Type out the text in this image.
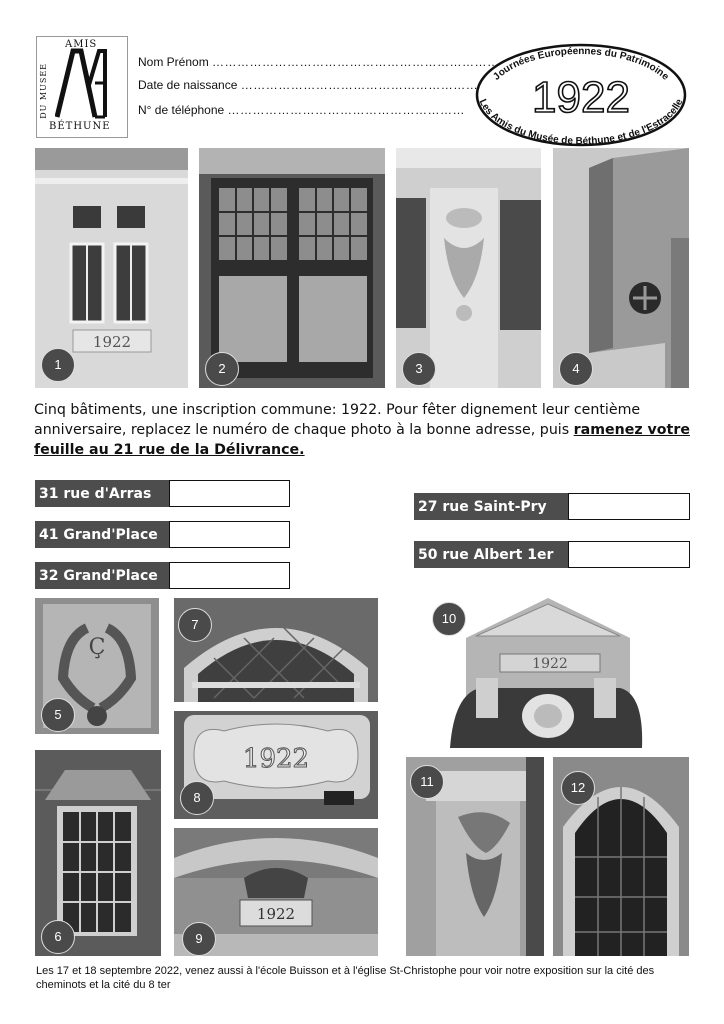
AMIS
DU MUSÉE
BÉTHUNE
Nom Prénom ……………………………………………………………
Date de naissance …………………………………………………
N° de téléphone …………………………………………………
Journées Européennes du Patrimoine
1922
Les Amis du Musée de Béthune et de l'Estracelle
1922
1	2	3	4
Cinq bâtiments, une inscription commune: 1922. Pour fêter dignement leur centième anniversaire, replacez le numéro de chaque photo à la bonne adresse, puis ramenez votre feuille au 21 rue de la Délivrance.
31 rue d'Arras
41 Grand'Place
32 Grand'Place
27 rue Saint-Pry
50 rue Albert 1er
Ç
5
6
7
1922
8
1922
9
1922
10
11	12
Les 17 et 18 septembre 2022, venez aussi à l'école Buisson et à l'église St-Christophe pour voir notre exposition sur la cité des cheminots et la cité du 8 ter
